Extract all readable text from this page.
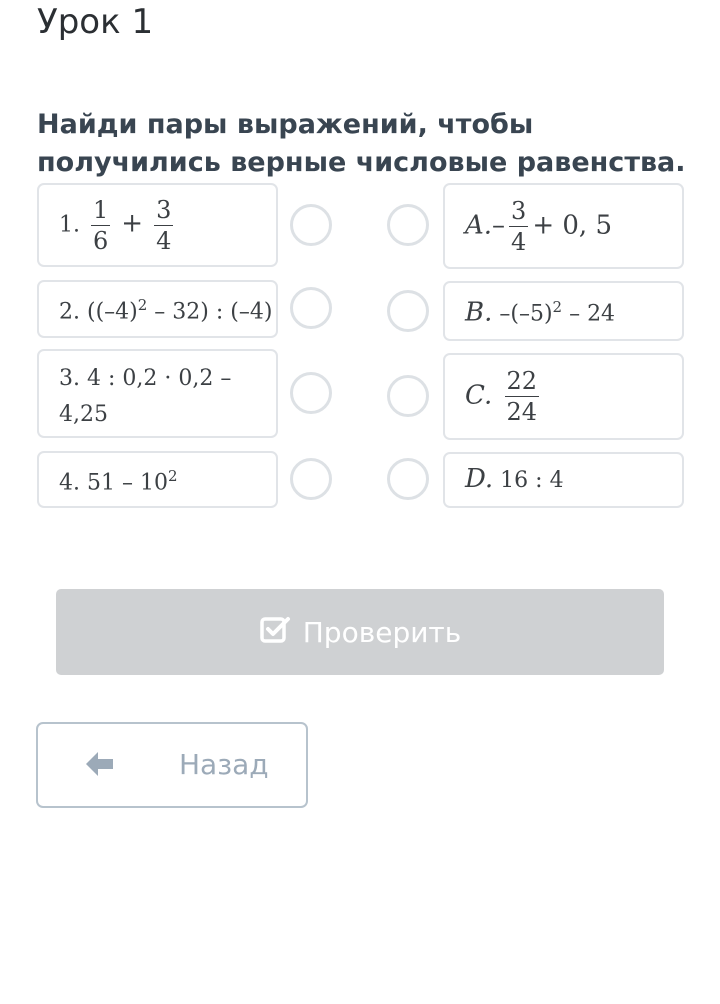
Урок 1
Найди пары выражений, чтобы получились верные числовые равенства.
1. $\frac{1}{6} + \frac{3}{4}$
2. $((-4)^2 - 32)$ : (–4)
3. 4 : 0,2 · 0,2 – 4,25
4. $51 - 10^2$
$A.- \frac{3}{4} + 0$, 5
B. $-(-5)^2 - 24$
C. $\frac{22}{24}$
D. 16 : 4
Проверить
Назад
